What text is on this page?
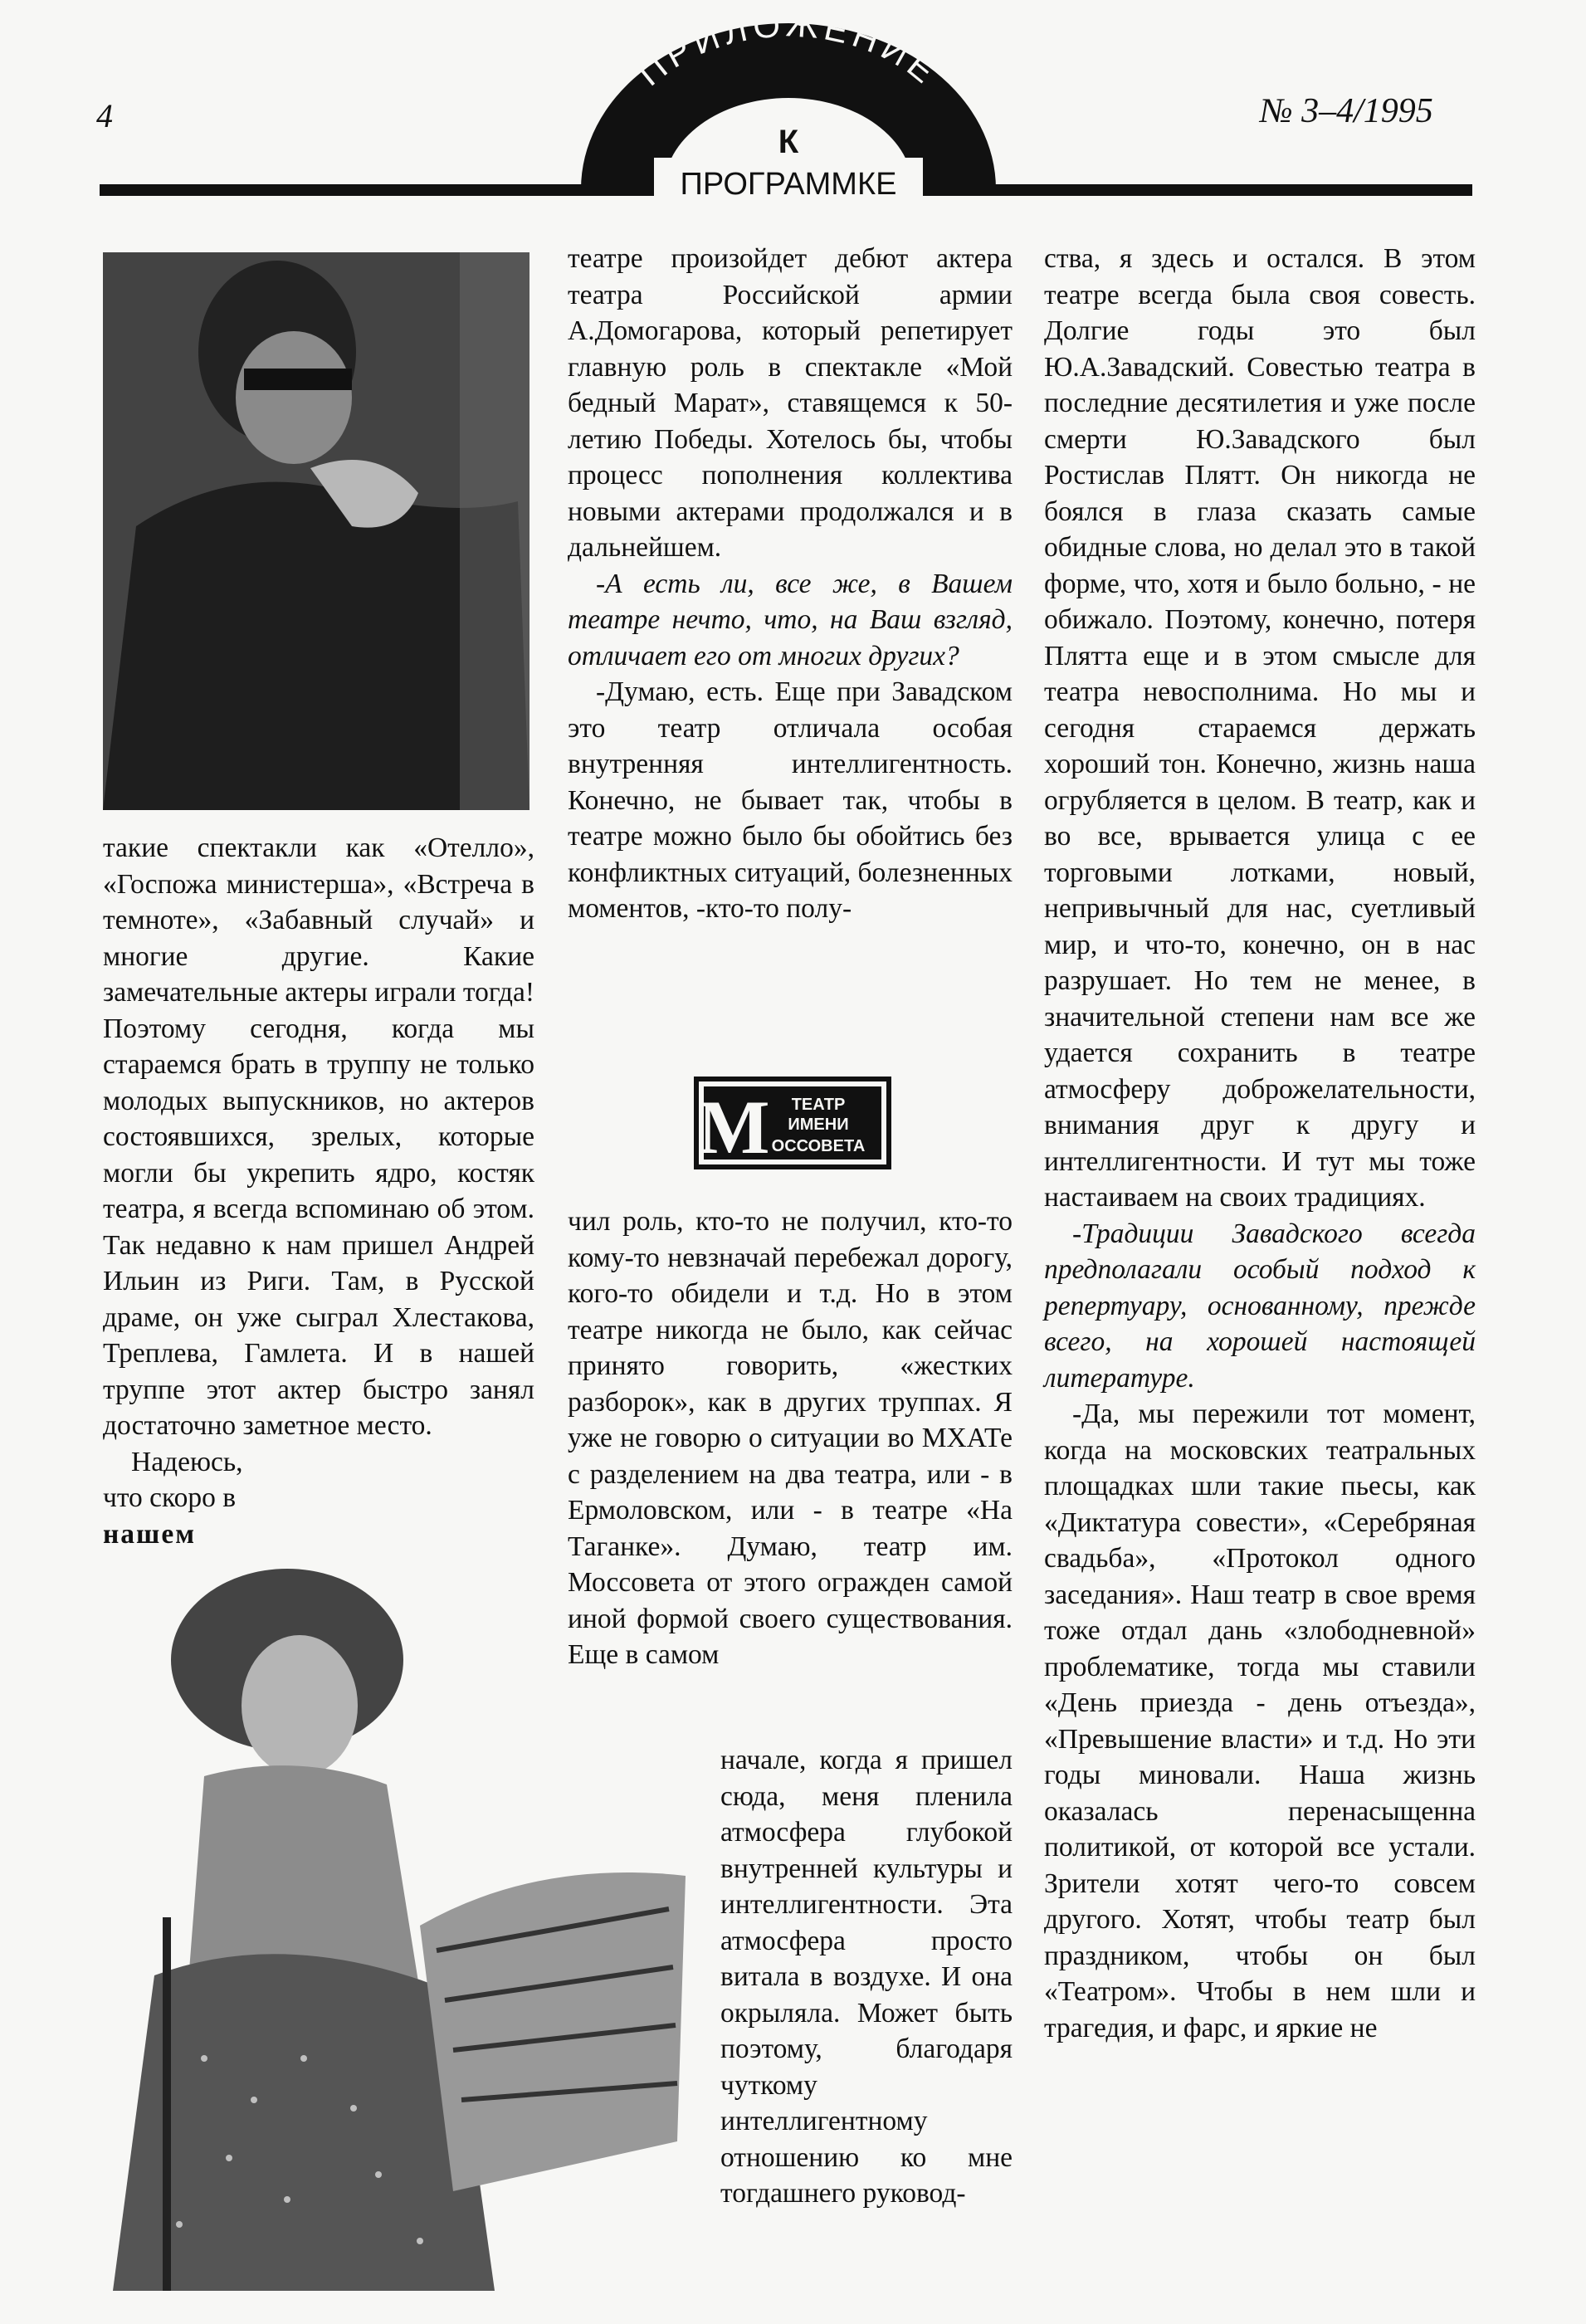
4	№ 3–4/1995
ПРИЛОЖЕНИЕ
К
ПРОГРАММКЕ

такие спектакли как «Отелло», «Госпожа министерша», «Встреча в темноте», «Забавный случай» и многие другие. Какие замечательные актеры играли тогда! Поэтому сегодня, когда мы стараемся брать в труппу не только молодых выпускников, но актеров состоявшихся, зрелых, которые могли бы укрепить ядро, костяк театра, я всегда вспоминаю об этом. Так недавно к нам пришел Андрей Ильин из Риги. Там, в Русской драме, он уже сыграл Хлестакова, Треплева, Гамлета. И в нашей труппе этот актер быстро занял достаточно заметное место.

Надеюсь,
что скоро в
нашем

театре произойдет дебют актера театра Российской армии А.Домогарова, который репетирует главную роль в спектакле «Мой бедный Марат», ставящемся к 50-летию Победы. Хотелось бы, чтобы процесс пополнения коллектива новыми актерами продолжался и в дальнейшем.

-А есть ли, все же, в Вашем театре нечто, что, на Ваш взгляд, отличает его от многих других?

-Думаю, есть. Еще при Завадском это театр отличала особая внутренняя интеллигентность. Конечно, не бывает так, чтобы в театре можно было бы обойтись без конфликтных ситуаций, болезненных моментов, -кто-то полу-

М ТЕАТР
ИМЕНИ
ОССОВЕТА

чил роль, кто-то не получил, кто-то кому-то невзначай перебежал дорогу, кого-то обидели и т.д. Но в этом театре никогда не было, как сейчас принято говорить, «жестких разборок», как в других труппах. Я уже не говорю о ситуации во МХАТе с разделением на два театра, или - в Ермоловском, или - в театре «На Таганке». Думаю, театр им. Моссовета от этого огражден самой иной формой своего существования. Еще в самом

начале, когда я пришел сюда, меня пленила атмосфера глубокой внутренней культуры и интеллигентности. Эта атмосфера просто витала в воздухе. И она окрыляла. Может быть поэтому, благодаря чуткому интеллигентному отношению ко мне тогдашнего руковод-

ства, я здесь и остался. В этом театре всегда была своя совесть. Долгие годы это был Ю.А.Завадский. Совестью театра в последние десятилетия и уже после смерти Ю.Завадского был Ростислав Плятт. Он никогда не боялся в глаза сказать самые обидные слова, но делал это в такой форме, что, хотя и было больно, - не обижало. Поэтому, конечно, потеря Плятта еще и в этом смысле для театра невосполнима. Но мы и сегодня стараемся держать хороший тон. Конечно, жизнь наша огрубляется в целом. В театр, как и во все, врывается улица с ее торговыми лотками, новый, непривычный для нас, суетливый мир, и что-то, конечно, он в нас разрушает. Но тем не менее, в значительной степени нам все же удается сохранить в театре атмосферу доброжелательности, внимания друг к другу и интеллигентности. И тут мы тоже настаиваем на своих традициях.

-Традиции Завадского всегда предполагали особый подход к репертуару, основанному, прежде всего, на хорошей настоящей литературе.

-Да, мы пережили тот момент, когда на московских театральных площадках шли такие пьесы, как «Диктатура совести», «Серебряная свадьба», «Протокол одного заседания». Наш театр в свое время тоже отдал дань «злободневной» проблематике, тогда мы ставили «День приезда - день отъезда», «Превышение власти» и т.д. Но эти годы миновали. Наша жизнь оказалась перенасыщенна политикой, от которой все устали. Зрители хотят чего-то совсем другого. Хотят, чтобы театр был праздником, чтобы он был «Театром». Чтобы в нем шли и трагедия, и фарс, и яркие не
